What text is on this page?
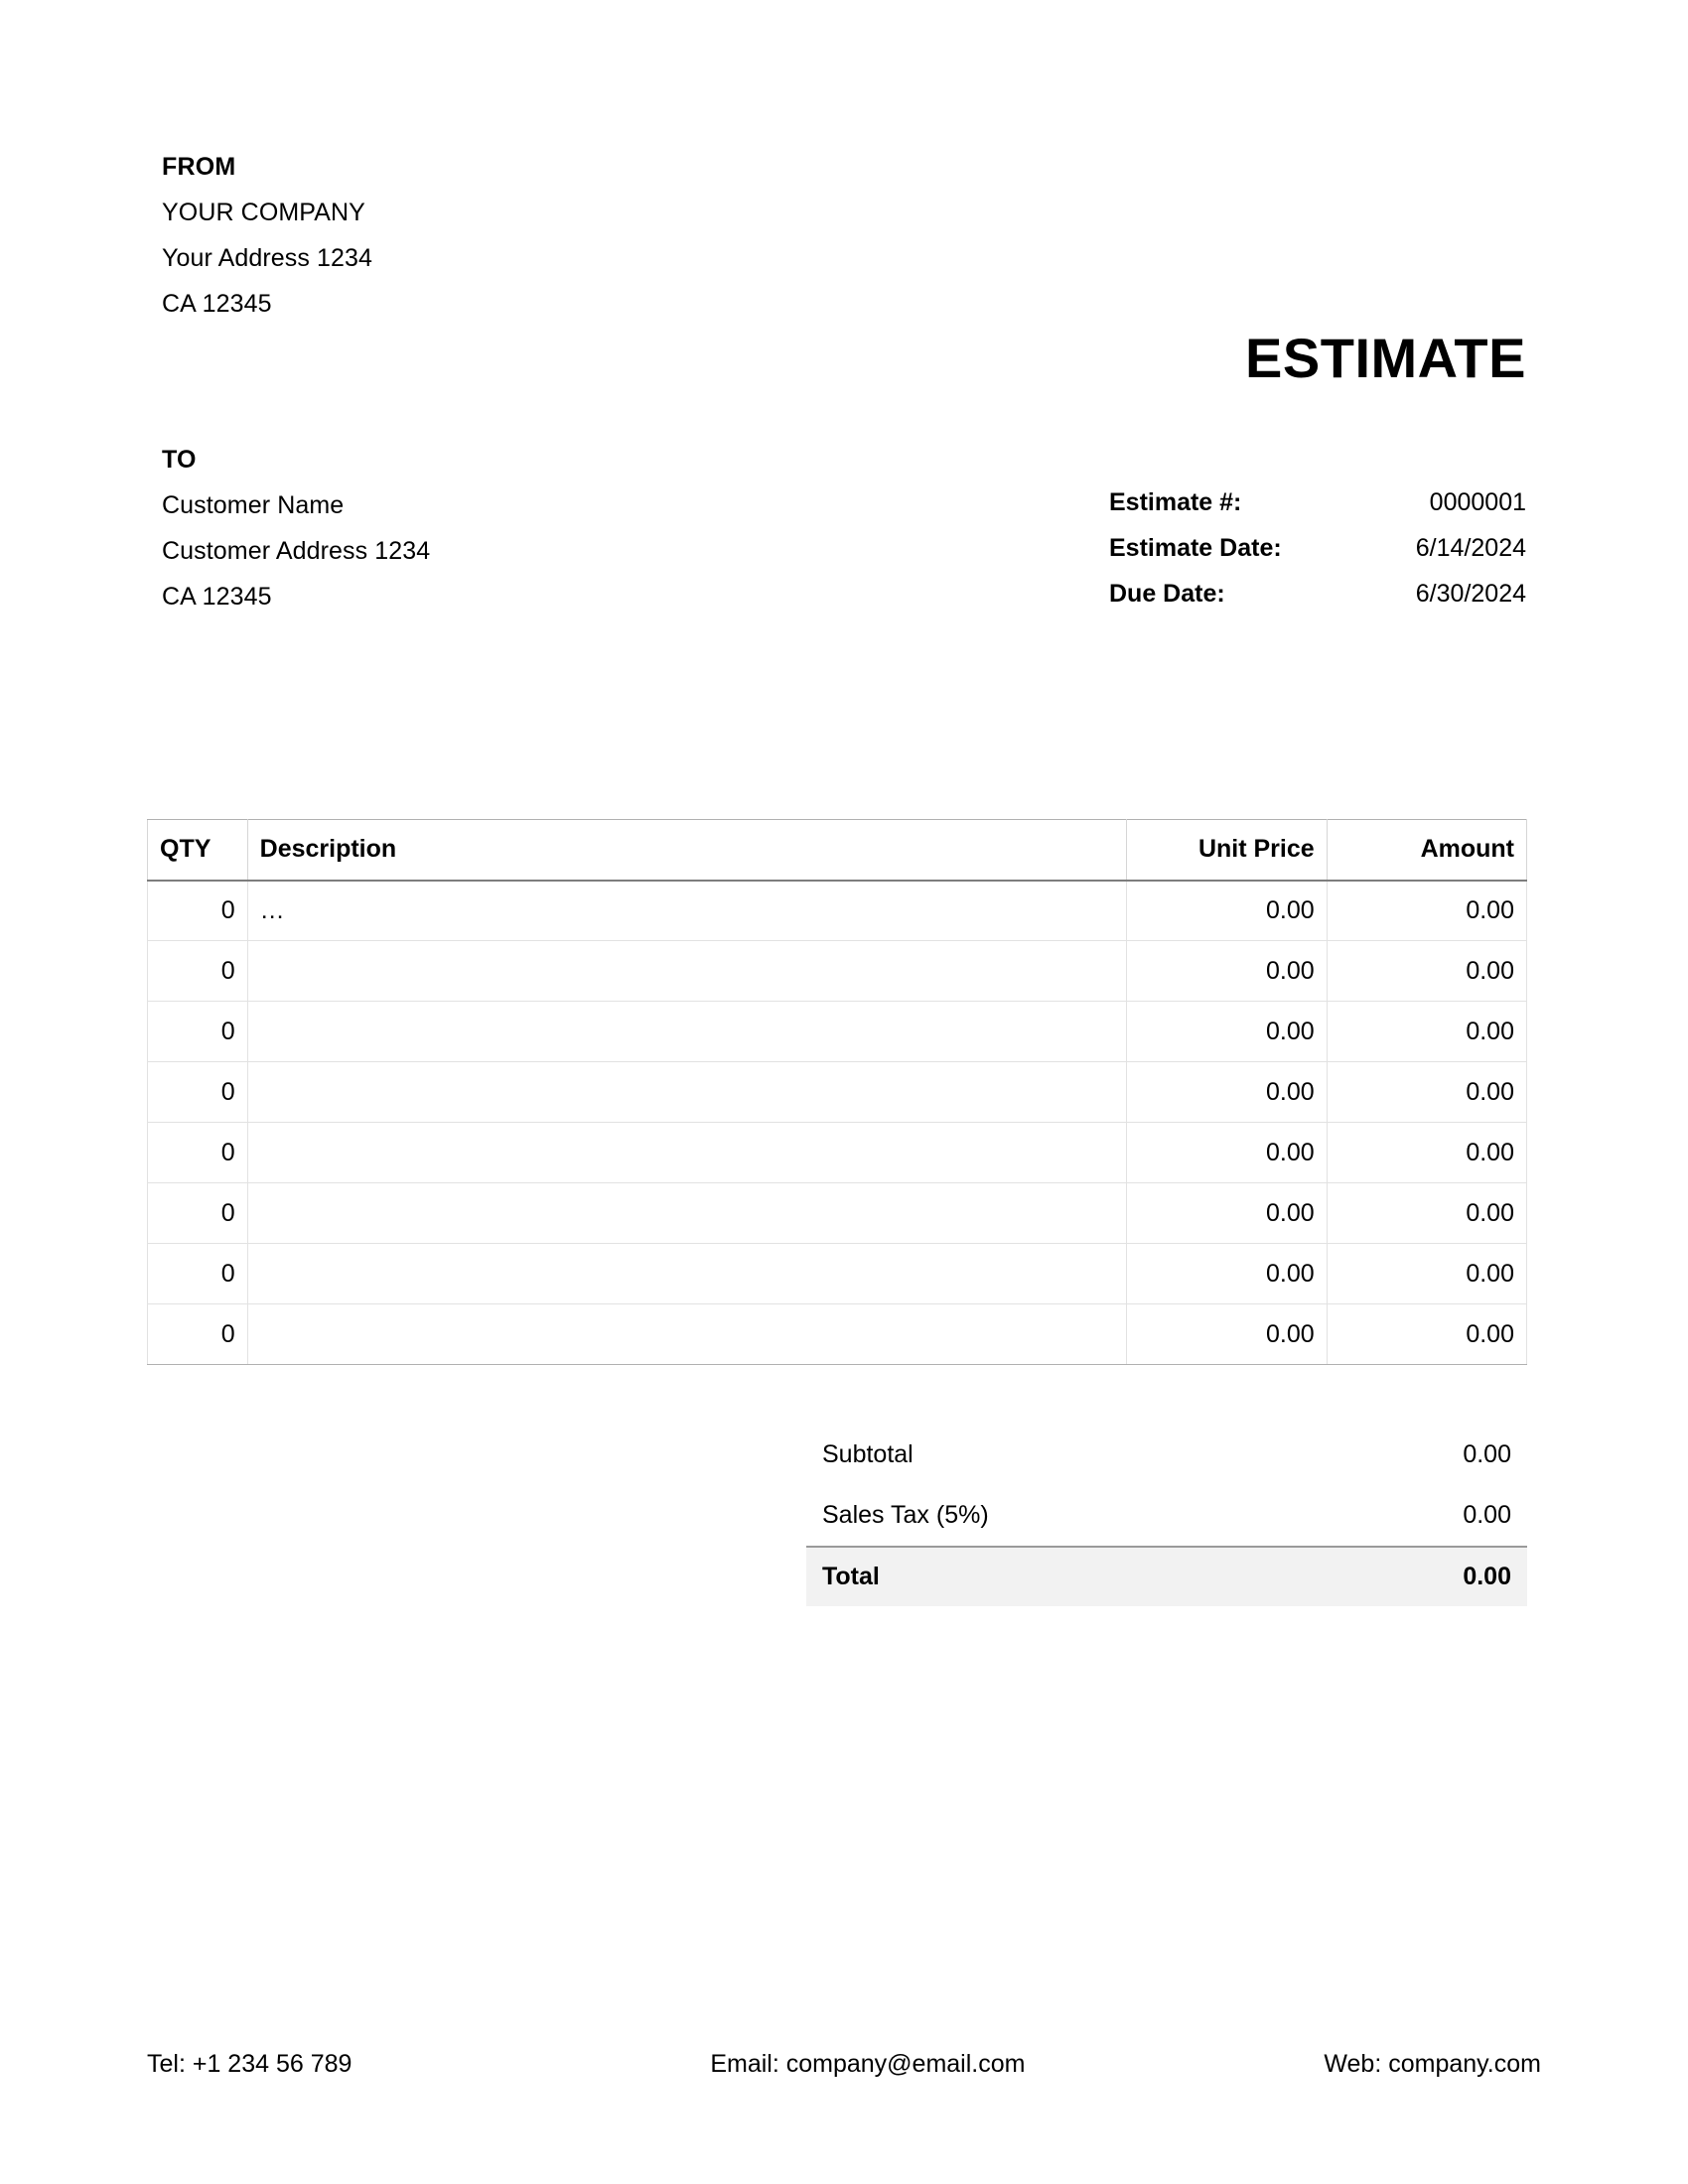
FROM
YOUR COMPANY
Your Address 1234
CA 12345
ESTIMATE
TO
Customer Name
Customer Address 1234
CA 12345
Estimate #:	0000001
Estimate Date:	6/14/2024
Due Date:	6/30/2024
QTY	Description	Unit Price	Amount
0	…	0.00	0.00
0		0.00	0.00
0		0.00	0.00
0		0.00	0.00
0		0.00	0.00
0		0.00	0.00
0		0.00	0.00
0		0.00	0.00
Subtotal	0.00
Sales Tax (5%)	0.00
Total	0.00
Tel: +1 234 56 789	Email: company@email.com	Web: company.com
